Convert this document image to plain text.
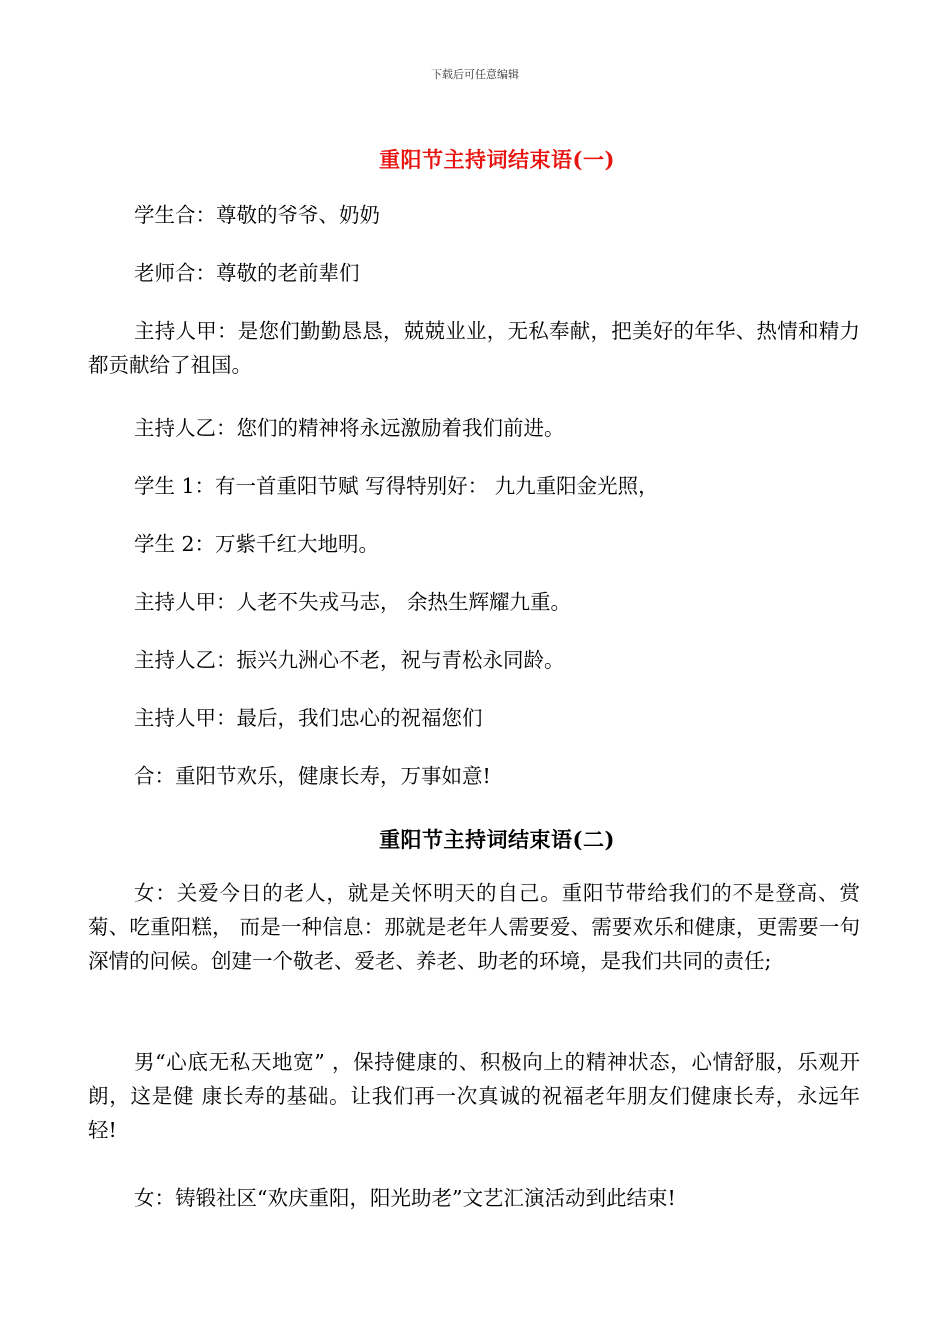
下载后可任意编辑
重阳节主持词结束语(一)
学生合：尊敬的爷爷、奶奶
老师合：尊敬的老前辈们
主持人甲：是您们勤勤恳恳，兢兢业业，无私奉献，把美好的年华、热情和精力都贡献给了祖国。
主持人乙：您们的精神将永远激励着我们前进。
学生 1：有一首重阳节赋 写得特别好： 九九重阳金光照，
学生 2：万紫千红大地明。
主持人甲：人老不失戎马志， 余热生辉耀九重。
主持人乙：振兴九洲心不老，祝与青松永同龄。
主持人甲：最后，我们忠心的祝福您们
合：重阳节欢乐，健康长寿，万事如意!
重阳节主持词结束语(二)
女：关爱今日的老人，就是关怀明天的自己。重阳节带给我们的不是登高、赏菊、吃重阳糕， 而是一种信息：那就是老年人需要爱、需要欢乐和健康，更需要一句深情的问候。创建一个敬老、爱老、养老、助老的环境，是我们共同的责任;
男“心底无私天地宽” ，保持健康的、积极向上的精神状态，心情舒服，乐观开朗，这是健 康长寿的基础。让我们再一次真诚的祝福老年朋友们健康长寿，永远年轻!
女：铸锻社区“欢庆重阳，阳光助老”文艺汇演活动到此结束!
